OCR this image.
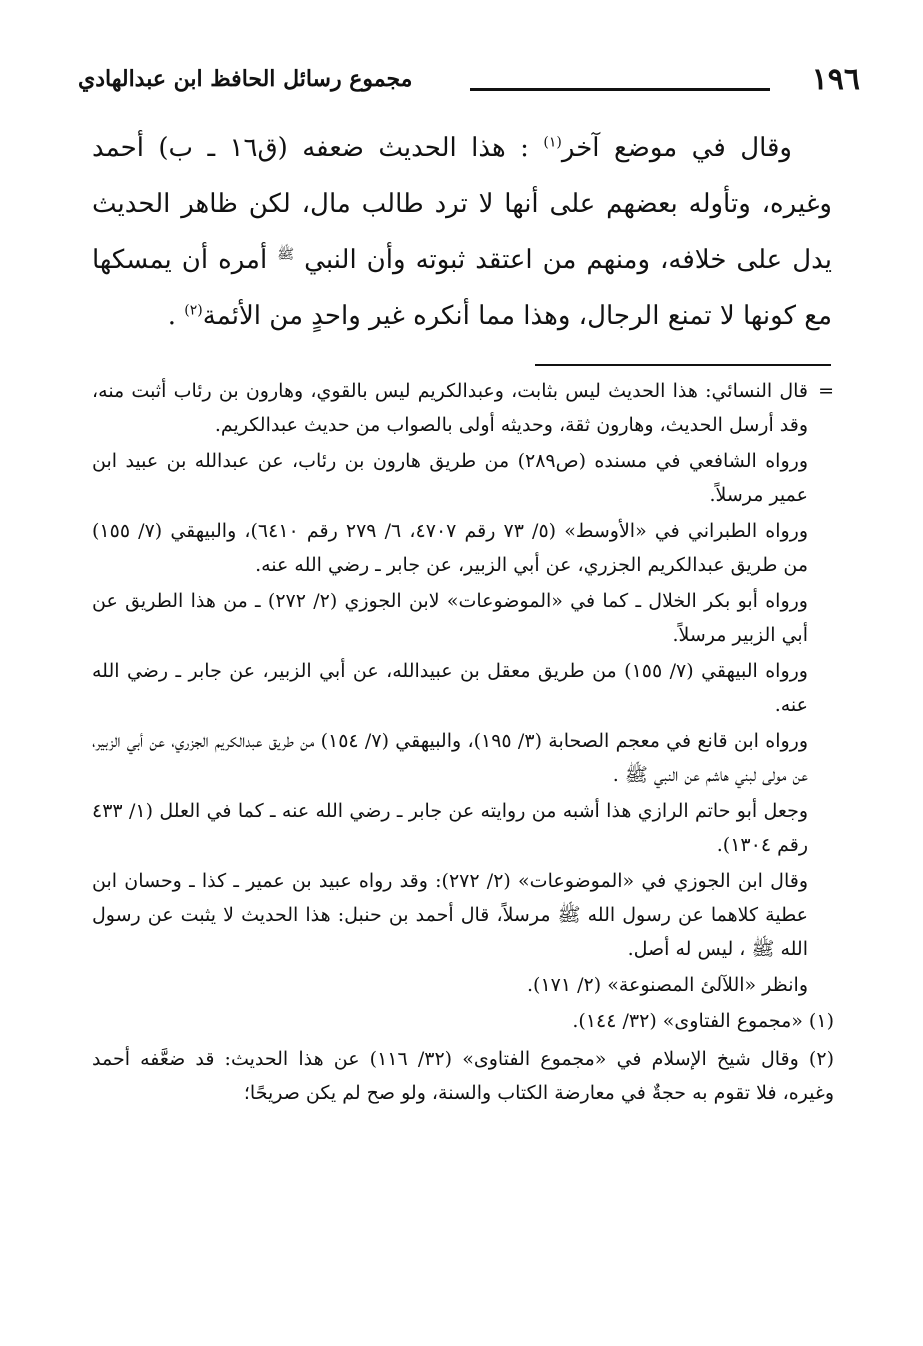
١٩٦
مجموع رسائل الحافظ ابن عبدالهادي

وقال في موضع آخر$^{(١)}$ : هذا الحديث ضعفه (ق١٦ ـ ب) أحمد وغيره، وتأوله بعضهم على أنها لا ترد طالب مال، لكن ظاهر الحديث يدل على خلافه، ومنهم من اعتقد ثبوته وأن النبي $^ﷺ$ أمره أن يمسكها مع كونها لا تمنع الرجال، وهذا مما أنكره غير واحدٍ من الأئمة$^{(٢)}$ .

=
قال النسائي: هذا الحديث ليس بثابت، وعبدالكريم ليس بالقوي، وهارون بن رئاب أثبت منه، وقد أرسل الحديث، وهارون ثقة، وحديثه أولى بالصواب من حديث عبدالكريم.

ورواه الشافعي في مسنده (ص٢٨٩) من طريق هارون بن رئاب، عن عبدالله بن عبيد ابن عمير مرسلاً.

ورواه الطبراني في «الأوسط» (٥/ ٧٣ رقم ٤٧٠٧، ٦/ ٢٧٩ رقم ٦٤١٠)، والبيهقي (٧/ ١٥٥) من طريق عبدالكريم الجزري، عن أبي الزبير، عن جابر ـ رضي الله عنه.

ورواه أبو بكر الخلال ـ كما في «الموضوعات» لابن الجوزي (٢/ ٢٧٢) ـ من هذا الطريق عن أبي الزبير مرسلاً.

ورواه البيهقي (٧/ ١٥٥) من طريق معقل بن عبيدالله، عن أبي الزبير، عن جابر ـ رضي الله عنه.

ورواه ابن قانع في معجم الصحابة (٣/ ١٩٥)، والبيهقي (٧/ ١٥٤) من طريق عبدالكريم الجزري، عن أبي الزبير، عن مولى لبني هاشم عن النبي ﷺ .

وجعل أبو حاتم الرازي هذا أشبه من روايته عن جابر ـ رضي الله عنه ـ كما في العلل (١/ ٤٣٣ رقم ١٣٠٤).

وقال ابن الجوزي في «الموضوعات» (٢/ ٢٧٢): وقد رواه عبيد بن عمير ـ كذا ـ وحسان ابن عطية كلاهما عن رسول الله ﷺ مرسلاً، قال أحمد بن حنبل: هذا الحديث لا يثبت عن رسول الله ﷺ ، ليس له أصل.

وانظر «اللآلئ المصنوعة» (٢/ ١٧١).

(١) «مجموع الفتاوى» (٣٢/ ١٤٤).

(٢) وقال شيخ الإسلام في «مجموع الفتاوى» (٣٢/ ١١٦) عن هذا الحديث: قد ضعَّفه أحمد وغيره، فلا تقوم به حجةٌ في معارضة الكتاب والسنة، ولو صح لم يكن صريحًا؛
